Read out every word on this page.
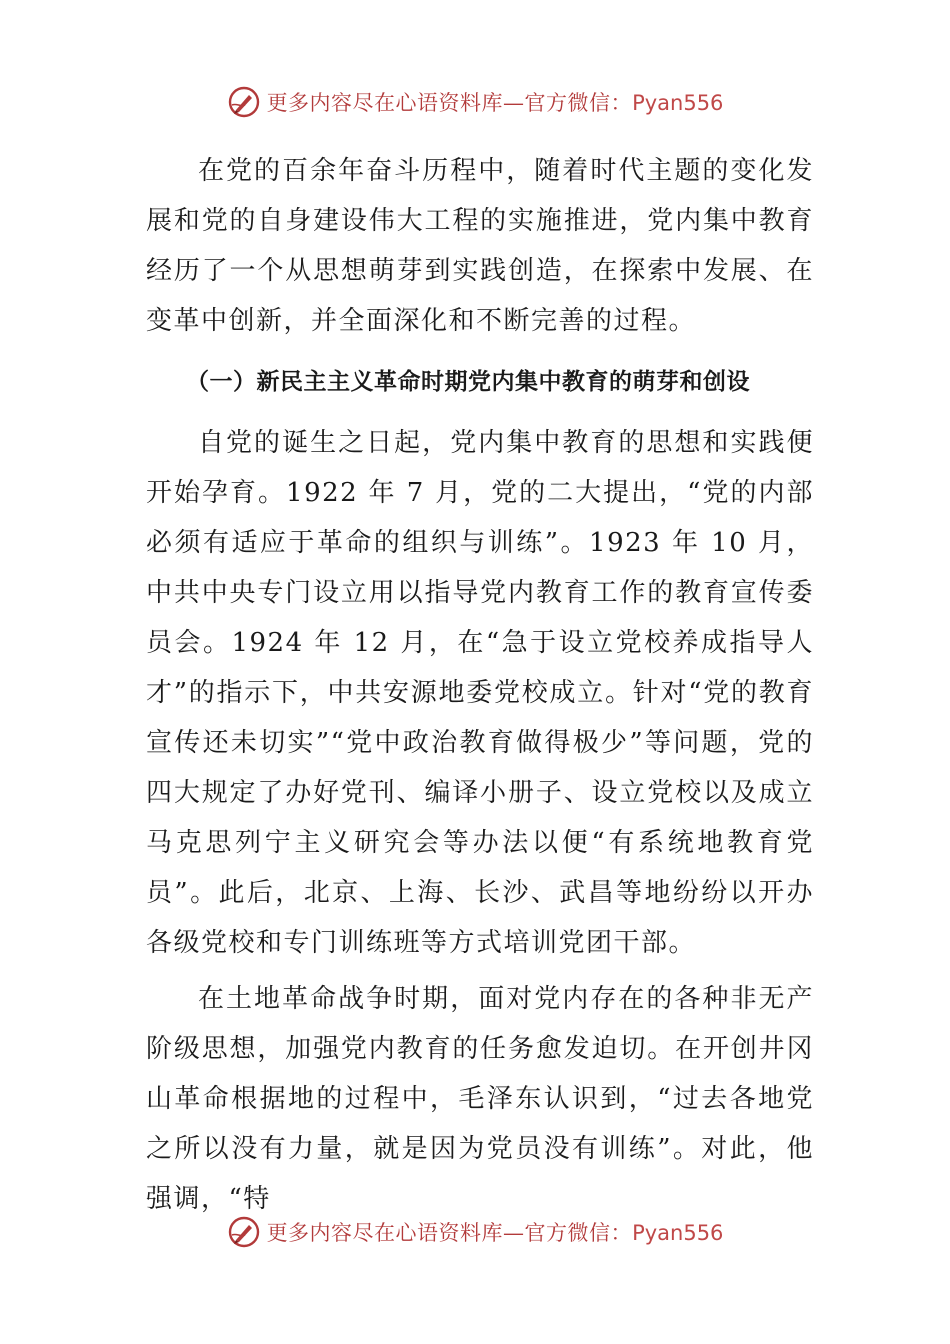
更多内容尽在心语资料库—官方微信：Pyan556

在党的百余年奋斗历程中，随着时代主题的变化发展和党的自身建设伟大工程的实施推进，党内集中教育经历了一个从思想萌芽到实践创造，在探索中发展、在变革中创新，并全面深化和不断完善的过程。

（一）新民主主义革命时期党内集中教育的萌芽和创设

自党的诞生之日起，党内集中教育的思想和实践便开始孕育。1922 年 7 月，党的二大提出，“党的内部必须有适应于革命的组织与训练”。1923 年 10 月，中共中央专门设立用以指导党内教育工作的教育宣传委员会。1924 年 12 月，在“急于设立党校养成指导人才”的指示下，中共安源地委党校成立。针对“党的教育宣传还未切实”“党中政治教育做得极少”等问题，党的四大规定了办好党刊、编译小册子、设立党校以及成立马克思列宁主义研究会等办法以便“有系统地教育党员”。此后，北京、上海、长沙、武昌等地纷纷以开办各级党校和专门训练班等方式培训党团干部。

在土地革命战争时期，面对党内存在的各种非无产阶级思想，加强党内教育的任务愈发迫切。在开创井冈山革命根据地的过程中，毛泽东认识到，“过去各地党之所以没有力量，就是因为党员没有训练”。对此，他强调，“特

更多内容尽在心语资料库—官方微信：Pyan556
